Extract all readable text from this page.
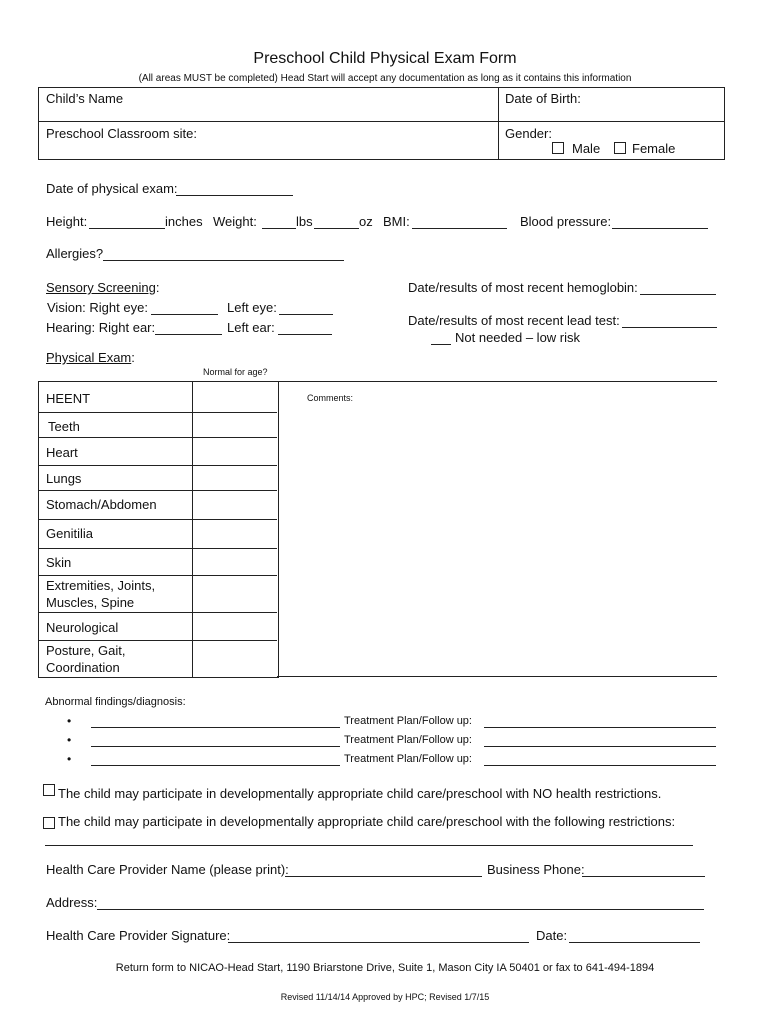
Preschool Child Physical Exam Form
(All areas MUST be completed) Head Start will accept any documentation as long as it contains this information
Child’s Name	Date of Birth:
Preschool Classroom site:	Gender:
Male	Female
Date of physical exam:
Height:	inches Weight:	lbs	oz BMI:	Blood pressure:
Allergies?
Sensory Screening:
Vision: Right eye:	Left eye:
Hearing: Right ear:	Left ear:
Date/results of most recent hemoglobin:
Date/results of most recent lead test:
Not needed – low risk
Physical Exam:
Normal for age?
Comments:
HEENT
Teeth
Heart
Lungs
Stomach/Abdomen
Genitilia
Skin
Extremities, Joints,
Muscles, Spine
Neurological
Posture, Gait,
Coordination
Abnormal findings/diagnosis:
•	Treatment Plan/Follow up:
•	Treatment Plan/Follow up:
•	Treatment Plan/Follow up:
The child may participate in developmentally appropriate child care/preschool with NO health restrictions.
The child may participate in developmentally appropriate child care/preschool with the following restrictions:
Health Care Provider Name (please print):	Business Phone:
Address:
Health Care Provider Signature:	Date:
Return form to NICAO-Head Start, 1190 Briarstone Drive, Suite 1, Mason City IA 50401 or fax to 641-494-1894
Revised 11/14/14 Approved by HPC; Revised 1/7/15
